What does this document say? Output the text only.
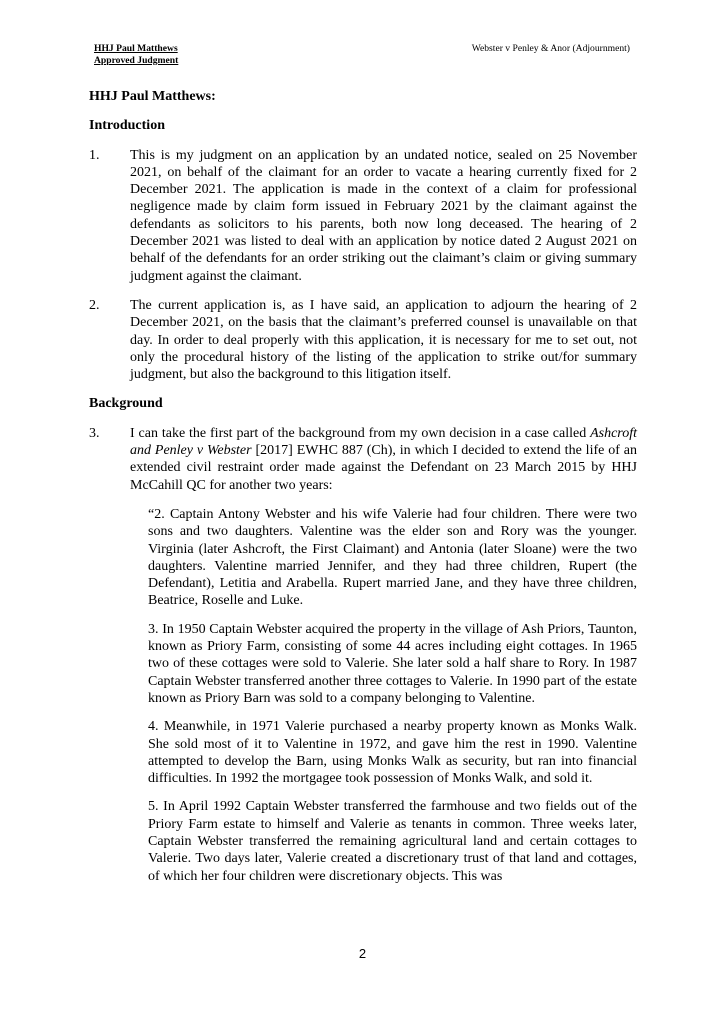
HHJ Paul Matthews
Approved Judgment
Webster v Penley & Anor (Adjournment)
HHJ Paul Matthews:
Introduction
1.	This is my judgment on an application by an undated notice, sealed on 25 November 2021, on behalf of the claimant for an order to vacate a hearing currently fixed for 2 December 2021. The application is made in the context of a claim for professional negligence made by claim form issued in February 2021 by the claimant against the defendants as solicitors to his parents, both now long deceased. The hearing of 2 December 2021 was listed to deal with an application by notice dated 2 August 2021 on behalf of the defendants for an order striking out the claimant’s claim or giving summary judgment against the claimant.
2.	The current application is, as I have said, an application to adjourn the hearing of 2 December 2021, on the basis that the claimant’s preferred counsel is unavailable on that day. In order to deal properly with this application, it is necessary for me to set out, not only the procedural history of the listing of the application to strike out/for summary judgment, but also the background to this litigation itself.
Background
3.	I can take the first part of the background from my own decision in a case called Ashcroft and Penley v Webster [2017] EWHC 887 (Ch), in which I decided to extend the life of an extended civil restraint order made against the Defendant on 23 March 2015 by HHJ McCahill QC for another two years:
“2. Captain Antony Webster and his wife Valerie had four children. There were two sons and two daughters. Valentine was the elder son and Rory was the younger. Virginia (later Ashcroft, the First Claimant) and Antonia (later Sloane) were the two daughters. Valentine married Jennifer, and they had three children, Rupert (the Defendant), Letitia and Arabella. Rupert married Jane, and they have three children, Beatrice, Roselle and Luke.
3. In 1950 Captain Webster acquired the property in the village of Ash Priors, Taunton, known as Priory Farm, consisting of some 44 acres including eight cottages. In 1965 two of these cottages were sold to Valerie. She later sold a half share to Rory. In 1987 Captain Webster transferred another three cottages to Valerie. In 1990 part of the estate known as Priory Barn was sold to a company belonging to Valentine.
4. Meanwhile, in 1971 Valerie purchased a nearby property known as Monks Walk. She sold most of it to Valentine in 1972, and gave him the rest in 1990. Valentine attempted to develop the Barn, using Monks Walk as security, but ran into financial difficulties. In 1992 the mortgagee took possession of Monks Walk, and sold it.
5. In April 1992 Captain Webster transferred the farmhouse and two fields out of the Priory Farm estate to himself and Valerie as tenants in common. Three weeks later, Captain Webster transferred the remaining agricultural land and certain cottages to Valerie. Two days later, Valerie created a discretionary trust of that land and cottages, of which her four children were discretionary objects. This was
2
